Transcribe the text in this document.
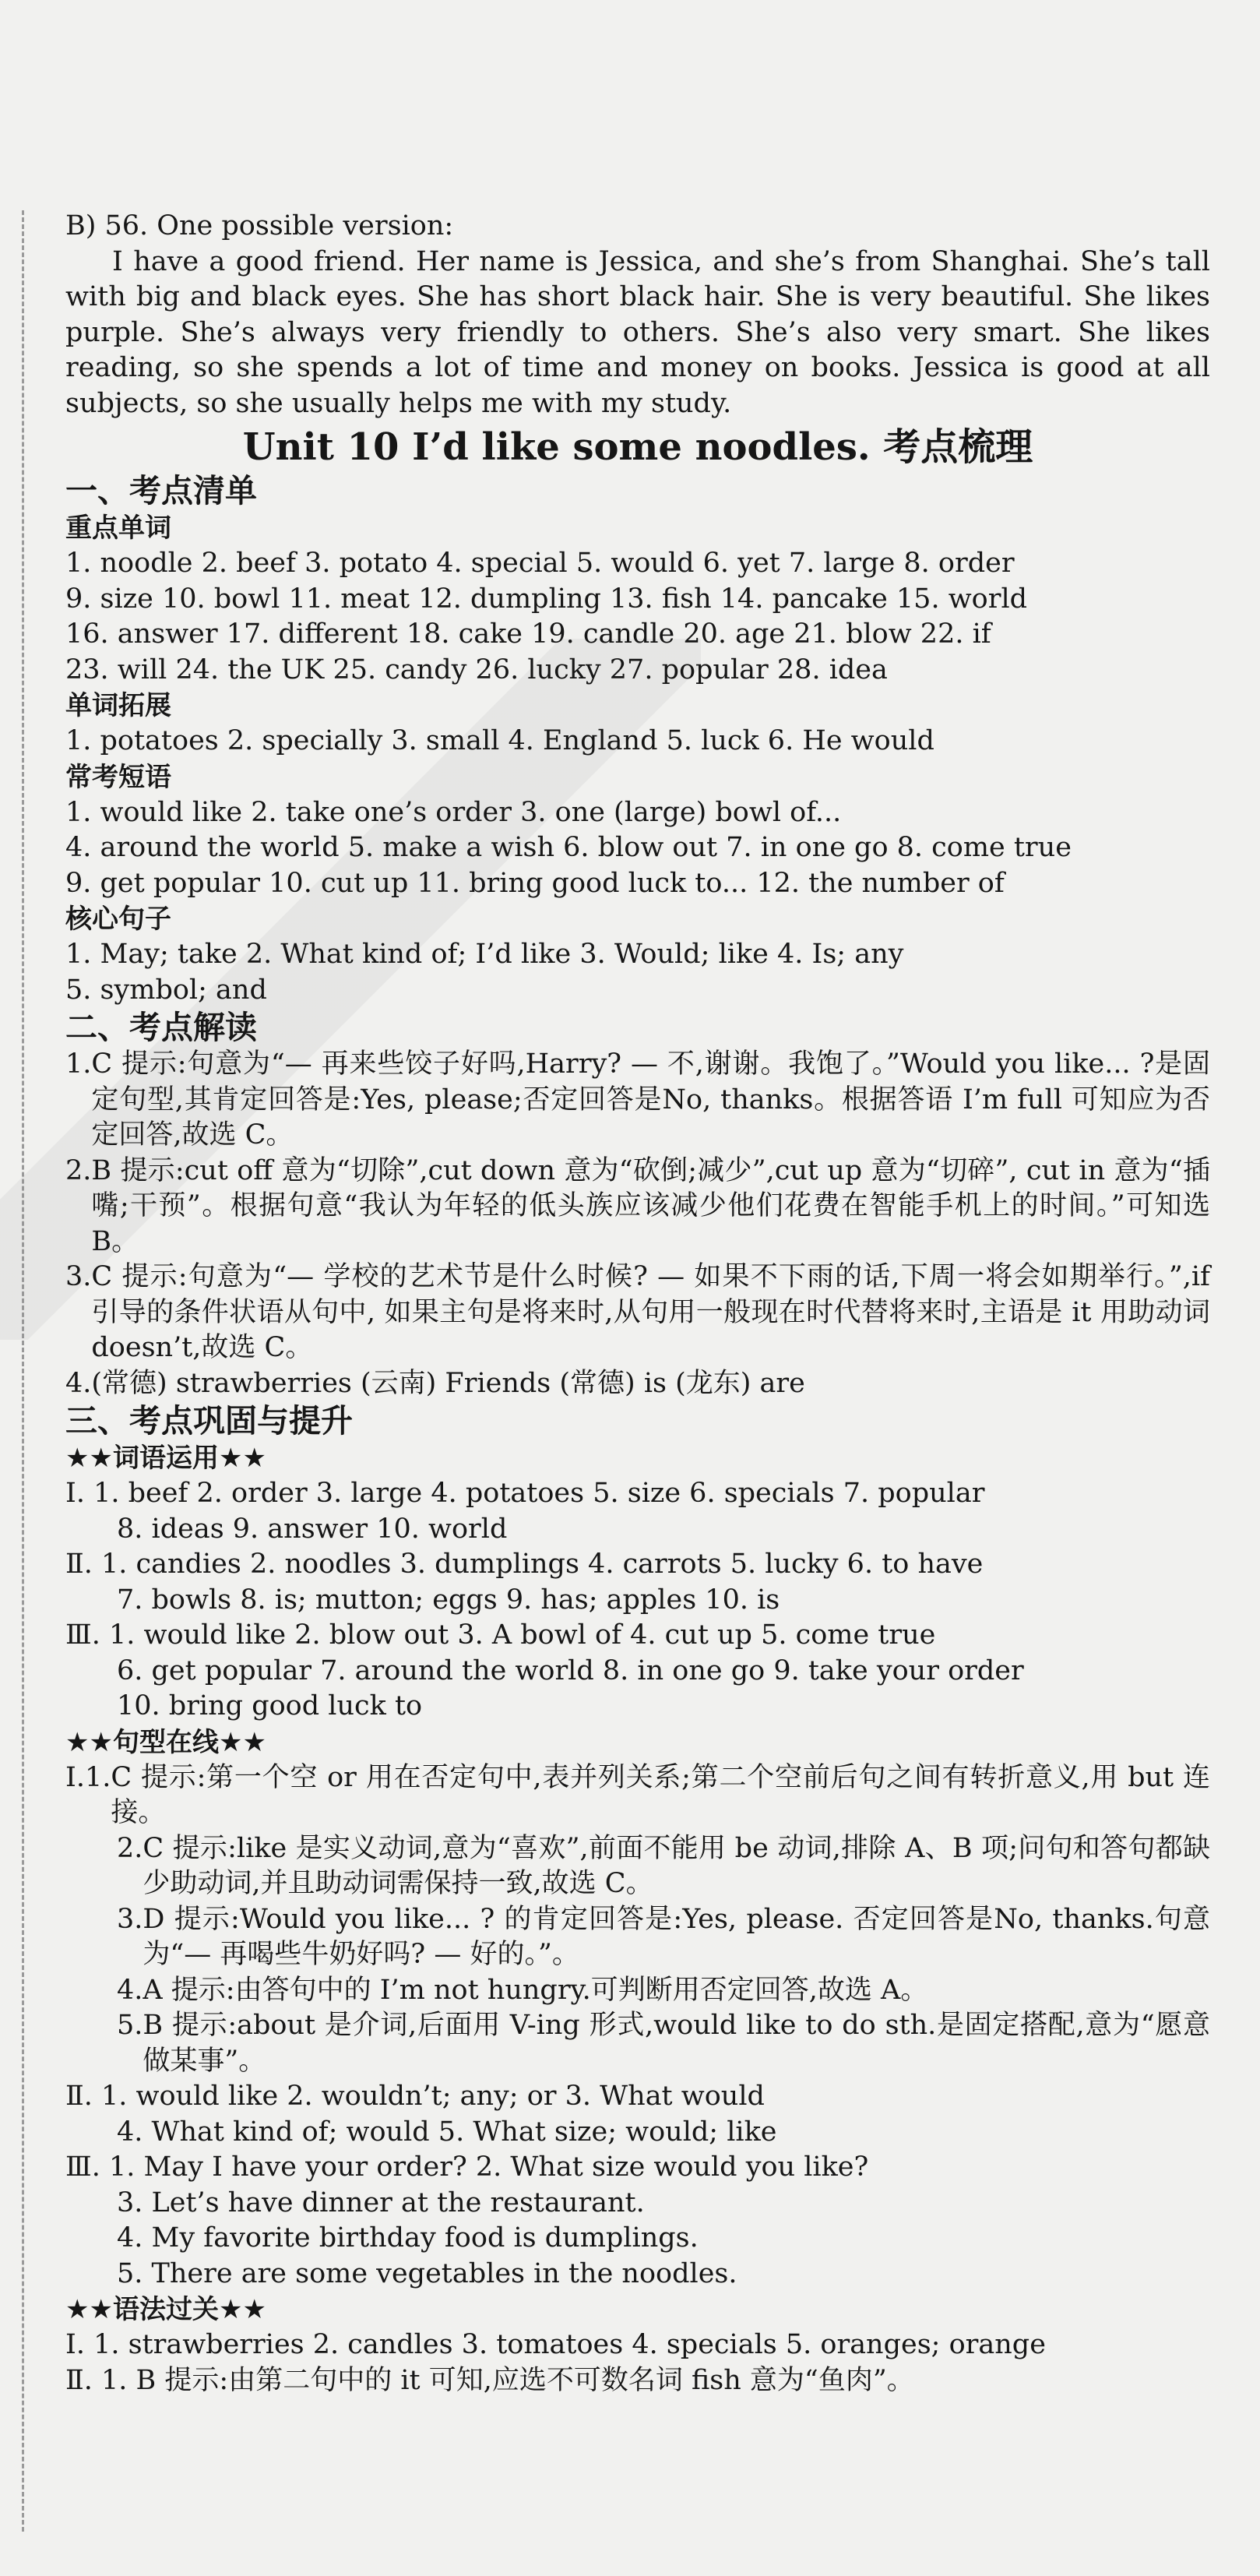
B) 56. One possible version:
I have a good friend. Her name is Jessica, and she’s from Shanghai. She’s tall with big and black eyes. She has short black hair. She is very beautiful. She likes purple. She’s always very friendly to others. She’s also very smart. She likes reading, so she spends a lot of time and money on books. Jessica is good at all subjects, so she usually helps me with my study.
Unit 10 I’d like some noodles. 考点梳理
一、考点清单
重点单词
1. noodle 2. beef 3. potato 4. special 5. would 6. yet 7. large 8. order
9. size 10. bowl 11. meat 12. dumpling 13. fish 14. pancake 15. world
16. answer 17. different 18. cake 19. candle 20. age 21. blow 22. if
23. will 24. the UK 25. candy 26. lucky 27. popular 28. idea
单词拓展
1. potatoes 2. specially 3. small 4. England 5. luck 6. He would
常考短语
1. would like 2. take one’s order 3. one (large) bowl of...
4. around the world 5. make a wish 6. blow out 7. in one go 8. come true
9. get popular 10. cut up 11. bring good luck to... 12. the number of
核心句子
1. May; take 2. What kind of; I’d like 3. Would; like 4. Is; any
5. symbol; and
二、考点解读
1. C 提示:句意为“— 再来些饺子好吗,Harry? — 不,谢谢。我饱了。”Would you like... ?是固定句型,其肯定回答是:Yes, please;否定回答是No, thanks。根据答语 I’m full 可知应为否定回答,故选 C。
2. B 提示:cut off 意为“切除”,cut down 意为“砍倒;减少”,cut up 意为“切碎”, cut in 意为“插嘴;干预”。根据句意“我认为年轻的低头族应该减少他们花费在智能手机上的时间。”可知选 B。
3. C 提示:句意为“— 学校的艺术节是什么时候? — 如果不下雨的话,下周一将会如期举行。”,if 引导的条件状语从句中, 如果主句是将来时,从句用一般现在时代替将来时,主语是 it 用助动词 doesn’t,故选 C。
4. (常德) strawberries (云南) Friends (常德) is (龙东) are
三、考点巩固与提升
★★词语运用★★
Ⅰ. 1. beef 2. order 3. large 4. potatoes 5. size 6. specials 7. popular
8. ideas 9. answer 10. world
Ⅱ. 1. candies 2. noodles 3. dumplings 4. carrots 5. lucky 6. to have
7. bowls 8. is; mutton; eggs 9. has; apples 10. is
Ⅲ. 1. would like 2. blow out 3. A bowl of 4. cut up 5. come true
6. get popular 7. around the world 8. in one go 9. take your order
10. bring good luck to
★★句型在线★★
Ⅰ. 1. C 提示:第一个空 or 用在否定句中,表并列关系;第二个空前后句之间有转折意义,用 but 连接。
2. C 提示:like 是实义动词,意为“喜欢”,前面不能用 be 动词,排除 A、B 项;问句和答句都缺少助动词,并且助动词需保持一致,故选 C。
3. D 提示:Would you like... ? 的肯定回答是:Yes, please. 否定回答是No, thanks.句意为“— 再喝些牛奶好吗? — 好的。”。
4. A 提示:由答句中的 I’m not hungry.可判断用否定回答,故选 A。
5. B 提示:about 是介词,后面用 V-ing 形式,would like to do sth.是固定搭配,意为“愿意做某事”。
Ⅱ. 1. would like 2. wouldn’t; any; or 3. What would
4. What kind of; would 5. What size; would; like
Ⅲ. 1. May I have your order? 2. What size would you like?
3. Let’s have dinner at the restaurant.
4. My favorite birthday food is dumplings.
5. There are some vegetables in the noodles.
★★语法过关★★
Ⅰ. 1. strawberries 2. candles 3. tomatoes 4. specials 5. oranges; orange
Ⅱ. 1. B 提示:由第二句中的 it 可知,应选不可数名词 fish 意为“鱼肉”。
